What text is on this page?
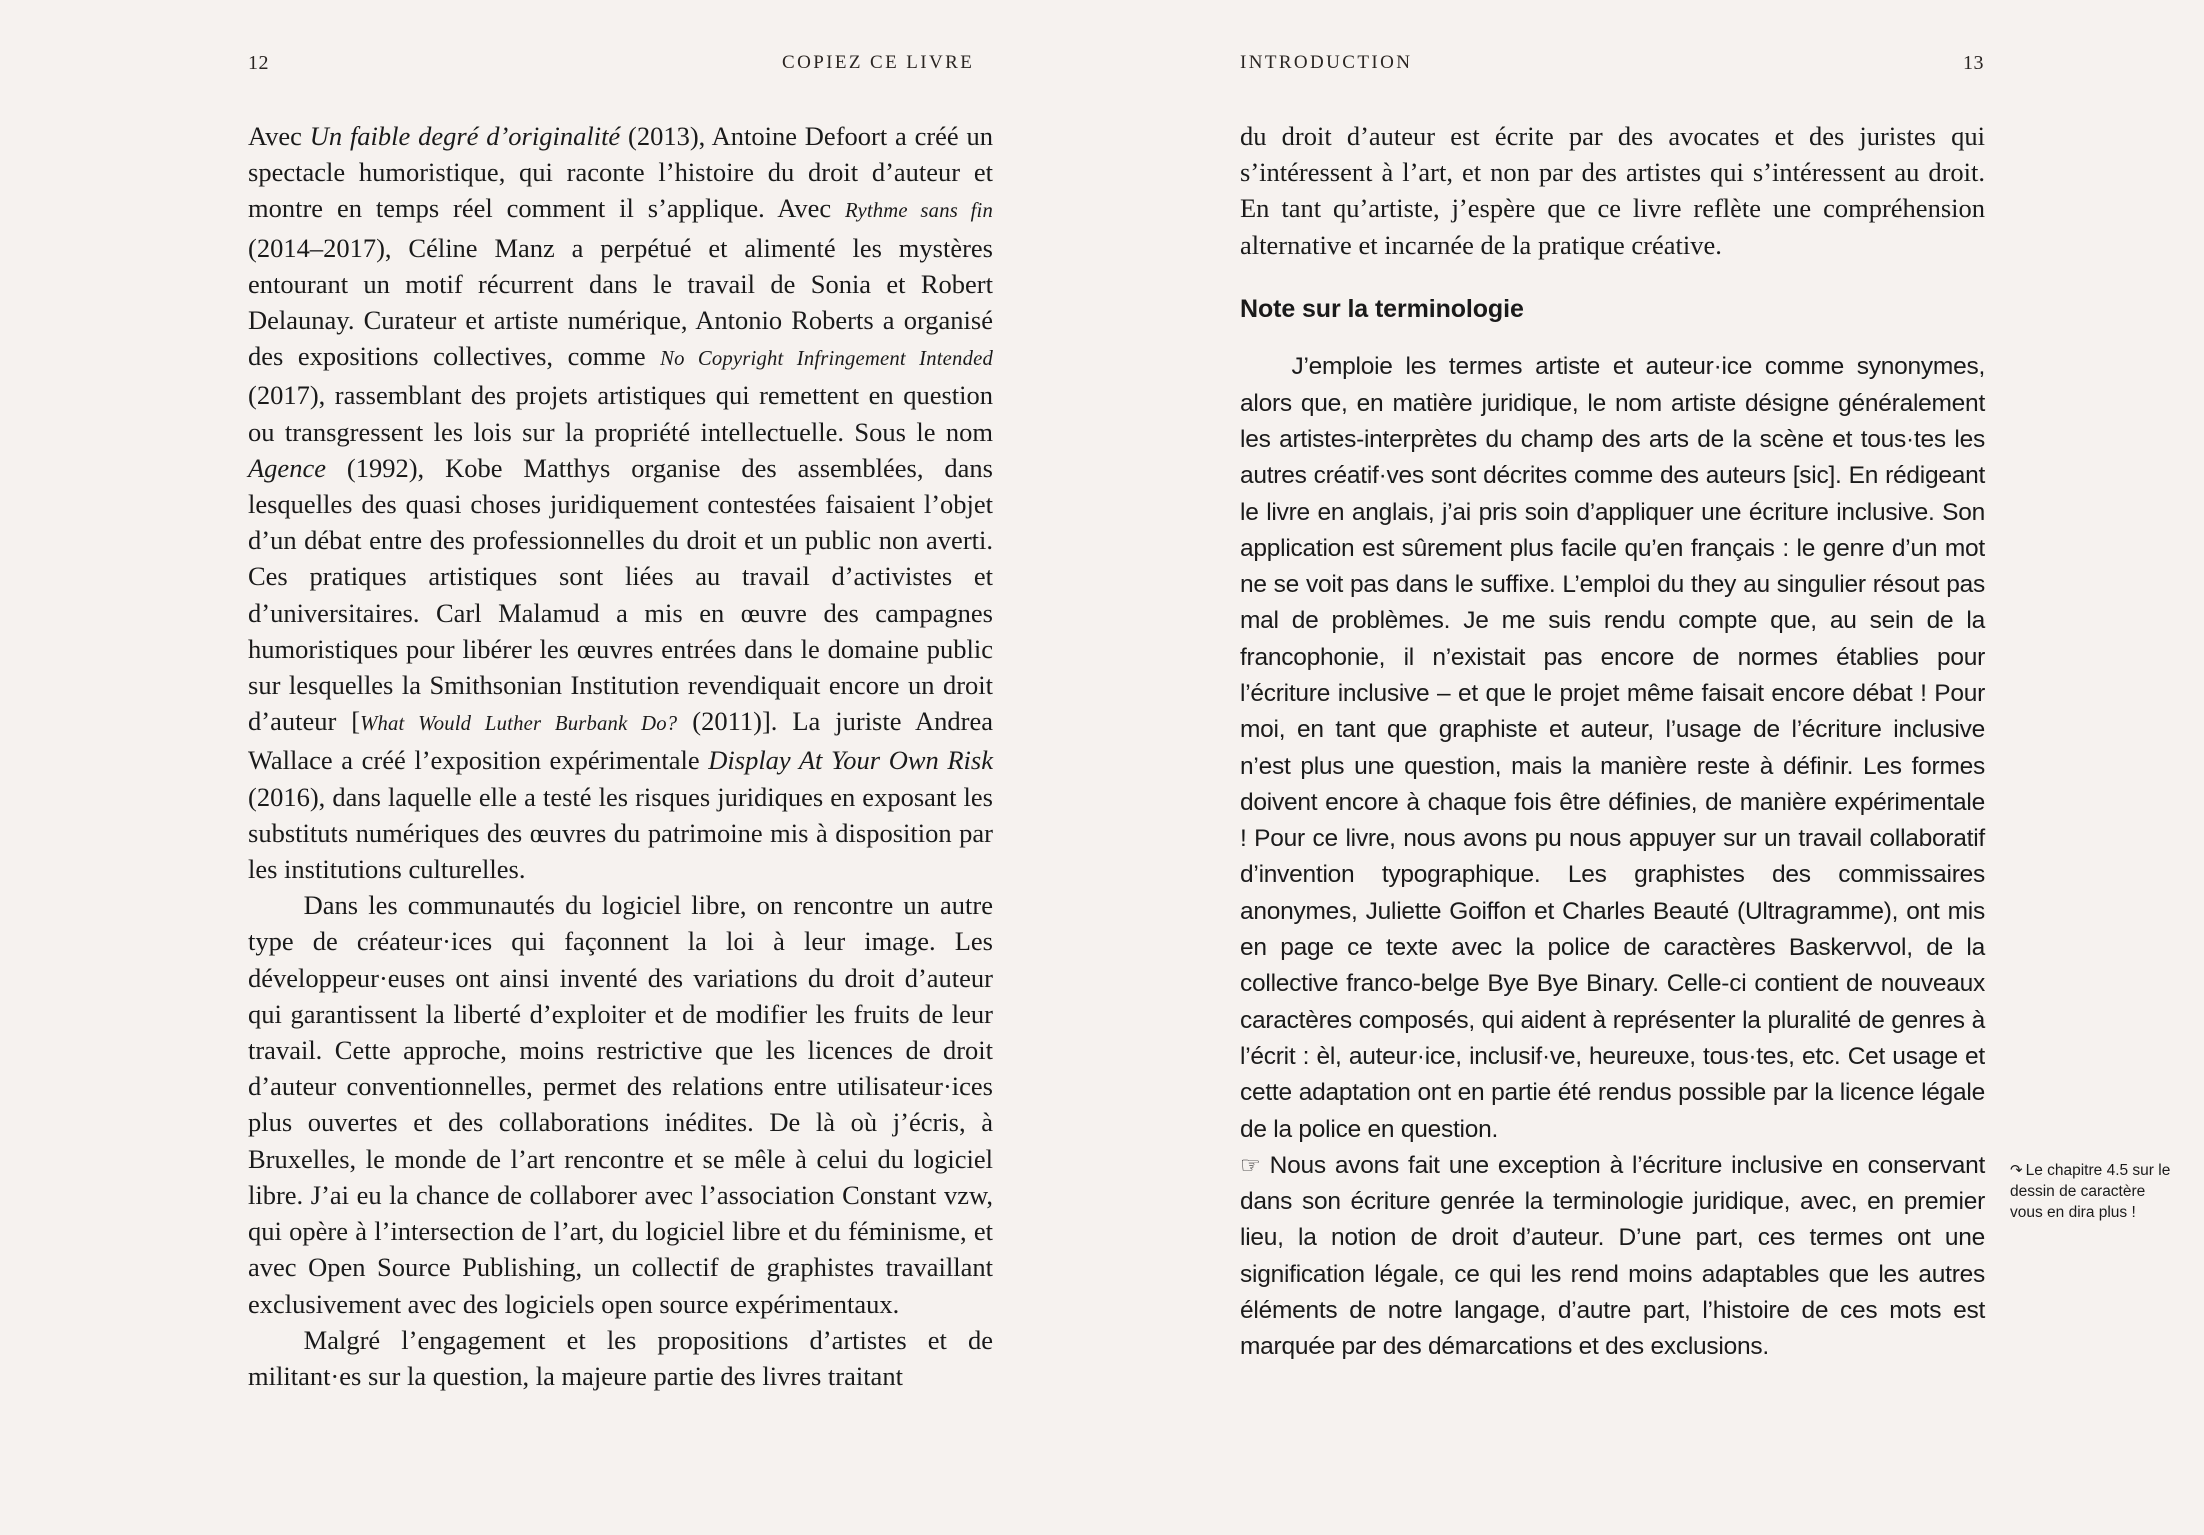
12	COPIEZ CE LIVRE	INTRODUCTION	13

Avec Un faible degré d’originalité (2013), Antoine Defoort a créé un spectacle humoristique, qui raconte l’histoire du droit d’auteur et montre en temps réel comment il s’applique. Avec Rythme sans fin (2014–2017), Céline Manz a perpétué et alimenté les mystères entourant un motif récurrent dans le travail de Sonia et Robert Delaunay. Curateur et artiste numérique, Antonio Roberts a organisé des expositions collectives, comme No Copyright Infringement Intended (2017), rassemblant des projets artistiques qui remettent en question ou transgressent les lois sur la propriété intellectuelle. Sous le nom Agence (1992), Kobe Matthys organise des assemblées, dans lesquelles des quasi choses juridiquement contestées faisaient l’objet d’un débat entre des professionnelles du droit et un public non averti. Ces pratiques artistiques sont liées au travail d’activistes et d’universitaires. Carl Malamud a mis en œuvre des campagnes humoristiques pour libérer les œuvres entrées dans le domaine public sur lesquelles la Smithsonian Institution revendiquait encore un droit d’auteur [What Would Luther Burbank Do? (2011)]. La juriste Andrea Wallace a créé l’exposition expérimentale Display At Your Own Risk (2016), dans laquelle elle a testé les risques juridiques en exposant les substituts numériques des œuvres du patrimoine mis à disposition par les institutions culturelles.

Dans les communautés du logiciel libre, on rencontre un autre type de créateur·ices qui façonnent la loi à leur image. Les développeur·euses ont ainsi inventé des variations du droit d’auteur qui garantissent la liberté d’exploiter et de modifier les fruits de leur travail. Cette approche, moins restrictive que les licences de droit d’auteur conventionnelles, permet des relations entre utilisateur·ices plus ouvertes et des collaborations inédites. De là où j’écris, à Bruxelles, le monde de l’art rencontre et se mêle à celui du logiciel libre. J’ai eu la chance de collaborer avec l’association Constant vzw, qui opère à l’intersection de l’art, du logiciel libre et du féminisme, et avec Open Source Publishing, un collectif de graphistes travaillant exclusivement avec des logiciels open source expérimentaux.

Malgré l’engagement et les propositions d’artistes et de militant·es sur la question, la majeure partie des livres traitant

du droit d’auteur est écrite par des avocates et des juristes qui s’intéressent à l’art, et non par des artistes qui s’intéressent au droit. En tant qu’artiste, j’espère que ce livre reflète une compréhension alternative et incarnée de la pratique créative.

Note sur la terminologie

J’emploie les termes artiste et auteur·ice comme synonymes, alors que, en matière juridique, le nom artiste désigne généralement les artistes-interprètes du champ des arts de la scène et tous·tes les autres créatif·ves sont décrites comme des auteurs [sic]. En rédigeant le livre en anglais, j’ai pris soin d’appliquer une écriture inclusive. Son application est sûrement plus facile qu’en français : le genre d’un mot ne se voit pas dans le suffixe. L’emploi du they au singulier résout pas mal de problèmes. Je me suis rendu compte que, au sein de la francophonie, il n’existait pas encore de normes établies pour l’écriture inclusive – et que le projet même faisait encore débat ! Pour moi, en tant que graphiste et auteur, l’usage de l’écriture inclusive n’est plus une question, mais la manière reste à définir. Les formes doivent encore à chaque fois être définies, de manière expérimentale ! Pour ce livre, nous avons pu nous appuyer sur un travail collaboratif d’invention typographique. Les graphistes des commissaires anonymes, Juliette Goiffon et Charles Beauté (Ultragramme), ont mis en page ce texte avec la police de caractères Baskervvol, de la collective franco-belge Bye Bye Binary. Celle-ci contient de nouveaux caractères composés, qui aident à représenter la pluralité de genres à l’écrit : èl, auteur·ice, inclusif·ve, heureuxe, tous·tes, etc. Cet usage et cette adaptation ont en partie été rendus possible par la licence légale de la police en question.

☞ Nous avons fait une exception à l’écriture inclusive en conservant dans son écriture genrée la terminologie juridique, avec, en premier lieu, la notion de droit d’auteur. D’une part, ces termes ont une signification légale, ce qui les rend moins adaptables que les autres éléments de notre langage, d’autre part, l’histoire de ces mots est marquée par des démarcations et des exclusions.

↷ Le chapitre 4.5 sur le dessin de caractère vous en dira plus !
